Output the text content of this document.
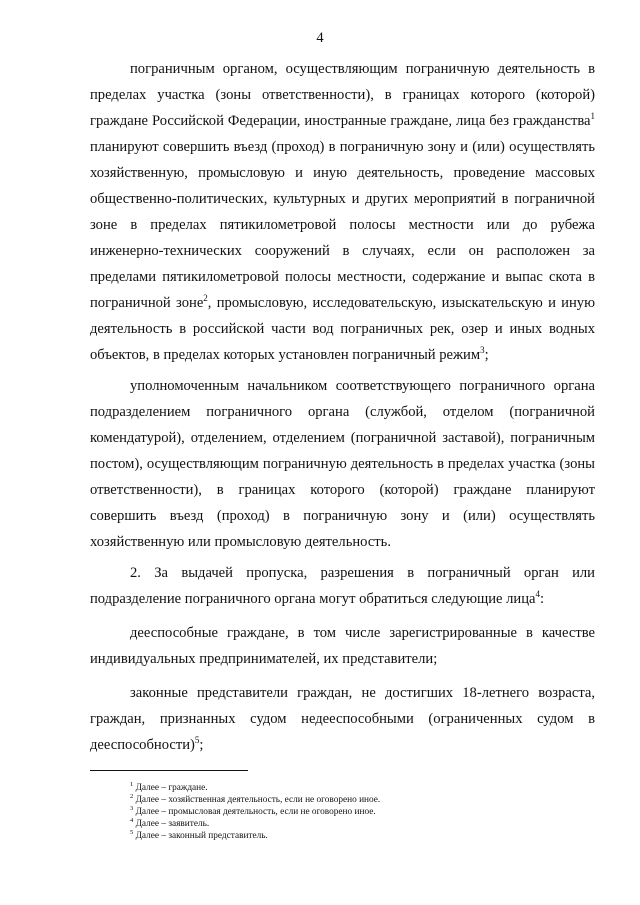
4

пограничным органом, осуществляющим пограничную деятельность в пределах участка (зоны ответственности), в границах которого (которой) граждане Российской Федерации, иностранные граждане, лица без гражданства$^1$ планируют совершить въезд (проход) в пограничную зону и (или) осуществлять хозяйственную, промысловую и иную деятельность, проведение массовых общественно-политических, культурных и других мероприятий в пограничной зоне в пределах пятикилометровой полосы местности или до рубежа инженерно-технических сооружений в случаях, если он расположен за пределами пятикилометровой полосы местности, содержание и выпас скота в пограничной зоне$^2$, промысловую, исследовательскую, изыскательскую и иную деятельность в российской части вод пограничных рек, озер и иных водных объектов, в пределах которых установлен пограничный режим$^3$;

уполномоченным начальником соответствующего пограничного органа подразделением пограничного органа (службой, отделом (пограничной комендатурой), отделением, отделением (пограничной заставой), пограничным постом), осуществляющим пограничную деятельность в пределах участка (зоны ответственности), в границах которого (которой) граждане планируют совершить въезд (проход) в пограничную зону и (или) осуществлять хозяйственную или промысловую деятельность.

2. За выдачей пропуска, разрешения в пограничный орган или подразделение пограничного органа могут обратиться следующие лица$^4$:

дееспособные граждане, в том числе зарегистрированные в качестве индивидуальных предпринимателей, их представители;

законные представители граждан, не достигших 18-летнего возраста, граждан, признанных судом недееспособными (ограниченных судом в дееспособности)$^5$;

$^1$ Далее – граждане.

$^2$ Далее – хозяйственная деятельность, если не оговорено иное.

$^3$ Далее – промысловая деятельность, если не оговорено иное.

$^4$ Далее – заявитель.

$^5$ Далее – законный представитель.
